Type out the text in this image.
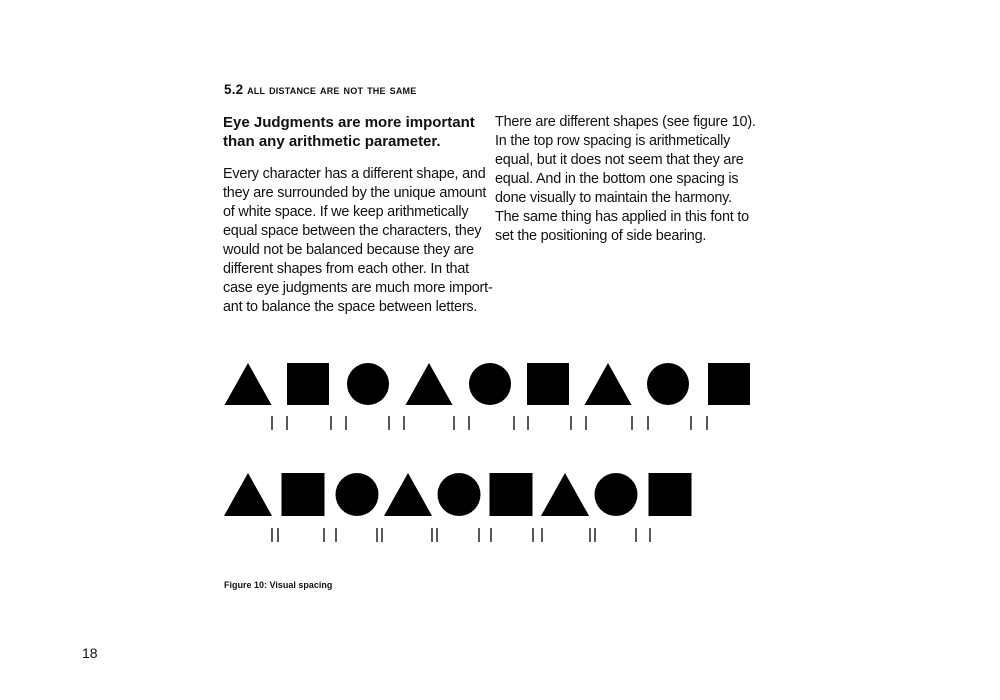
5.2 all distance are not the same

Eye Judgments are more important
than any arithmetic parameter.

Every character has a different shape, and
they are surrounded by the unique amount
of white space. If we keep arithmetically
equal space between the characters, they
would not be balanced because they are
different shapes from each other. In that
case eye judgments are much more import-
ant to balance the space between letters.

There are different shapes (see figure 10).
In the top row spacing is arithmetically
equal, but it does not seem that they are
equal. And in the bottom one spacing is
done visually to maintain the harmony.
The same thing has applied in this font to
set the positioning of side bearing.

Figure 10: Visual spacing
18
